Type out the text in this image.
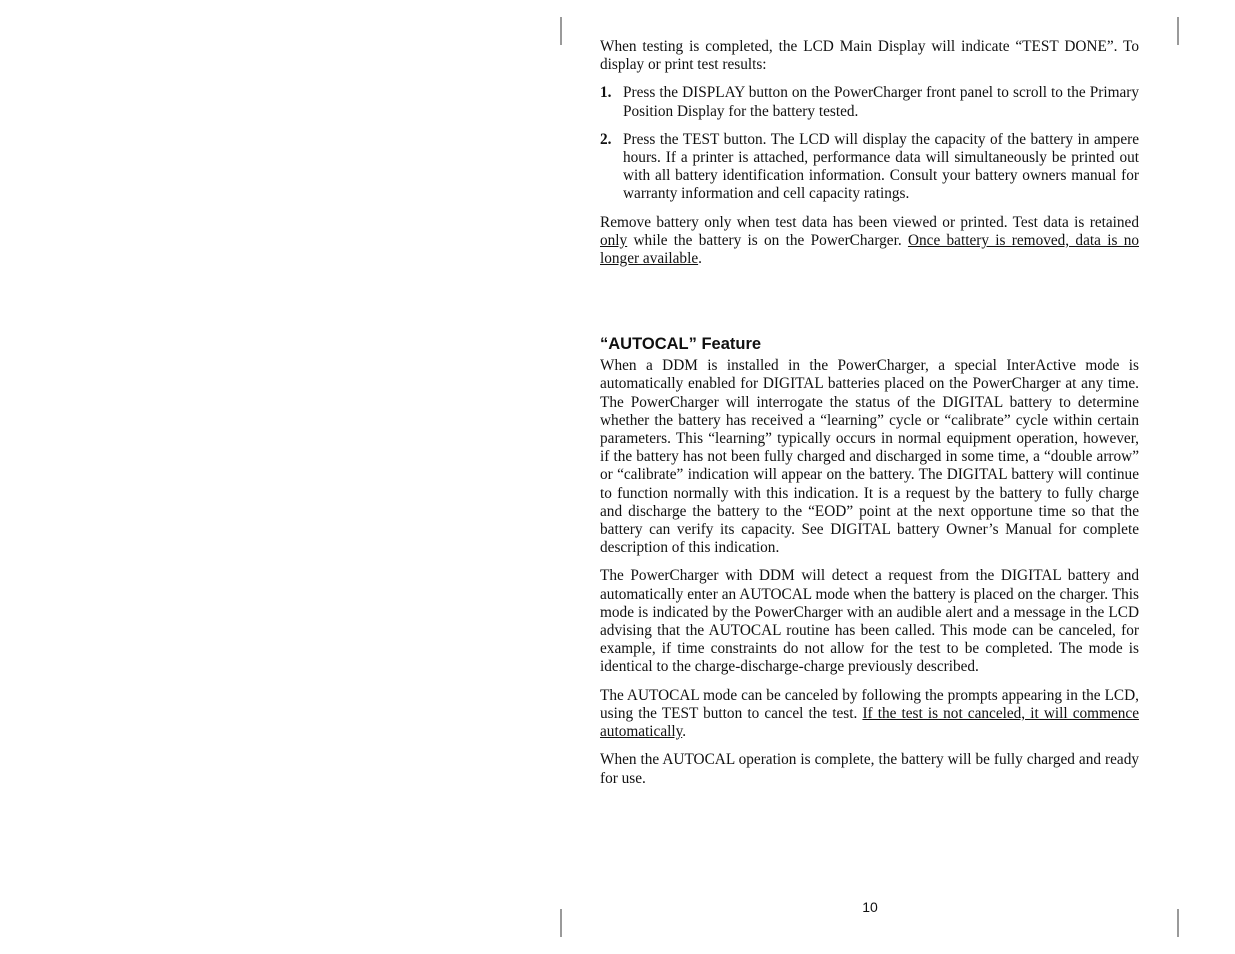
When testing is completed, the LCD Main Display will indicate “TEST DONE”. To display or print test results:

1. Press the DISPLAY button on the PowerCharger front panel to scroll to the Primary Position Display for the battery tested.
2. Press the TEST button. The LCD will display the capacity of the battery in ampere hours. If a printer is attached, performance data will simultaneously be printed out with all battery identification information. Consult your battery owners manual for warranty information and cell capacity ratings.

Remove battery only when test data has been viewed or printed. Test data is retained only while the battery is on the PowerCharger. Once battery is removed, data is no longer available.

“AUTOCAL” Feature

When a DDM is installed in the PowerCharger, a special InterActive mode is automatically enabled for DIGITAL batteries placed on the PowerCharger at any time. The PowerCharger will interrogate the status of the DIGITAL battery to determine whether the battery has received a “learning” cycle or “calibrate” cycle within certain parameters. This “learning” typically occurs in normal equipment operation, however, if the battery has not been fully charged and discharged in some time, a “double arrow” or “calibrate” indication will appear on the battery. The DIGITAL battery will continue to function normally with this indication. It is a request by the battery to fully charge and discharge the battery to the “EOD” point at the next opportune time so that the battery can verify its capacity. See DIGITAL battery Owner’s Manual for complete description of this indication.

The PowerCharger with DDM will detect a request from the DIGITAL battery and automatically enter an AUTOCAL mode when the battery is placed on the charger. This mode is indicated by the PowerCharger with an audible alert and a message in the LCD advising that the AUTOCAL routine has been called. This mode can be canceled, for example, if time constraints do not allow for the test to be completed. The mode is identical to the charge-discharge-charge previously described.

The AUTOCAL mode can be canceled by following the prompts appearing in the LCD, using the TEST button to cancel the test. If the test is not canceled, it will commence automatically.

When the AUTOCAL operation is complete, the battery will be fully charged and ready for use.

10
